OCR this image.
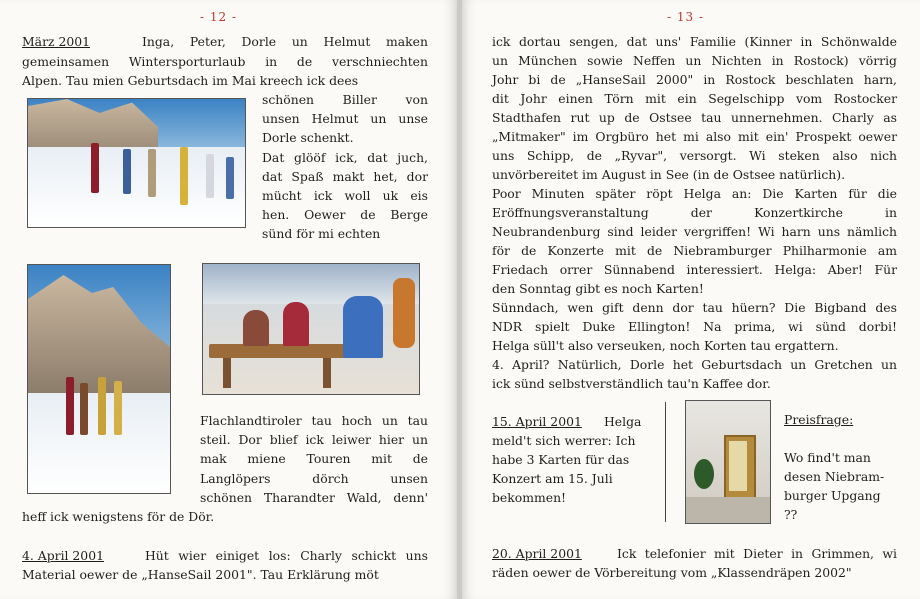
- 12 -
März 2001	Inga, Peter, Dorle un Helmut maken
gemeinsamen Wintersporturlaub in de verschniechten
Alpen. Tau mien Geburtsdach im Mai kreech ick dees
schönen Biller von
unsen Helmut un unse
Dorle schenkt.
Dat glööf ick, dat juch,
dat Spaß makt het, dor
mücht ick woll uk eis
hen. Oewer de Berge
sünd för mi echten
Flachlandtiroler tau hoch un tau
steil. Dor blief ick leiwer hier un
mak miene Touren mit de
Langlöpers dörch unsen
schönen Tharandter Wald, denn'
heff ick wenigstens för de Dör.
4. April 2001	Hüt wier einiget los: Charly schickt uns
Material oewer de „HanseSail 2001". Tau Erklärung möt
- 13 -
ick dortau sengen, dat uns' Familie (Kinner in Schönwalde
un München sowie Neffen un Nichten in Rostock) vörrig
Johr bi de „HanseSail 2000" in Rostock beschlaten harn,
dit Johr einen Törn mit ein Segelschipp vom Rostocker
Stadthafen rut up de Ostsee tau unnernehmen. Charly as
„Mitmaker" im Orgbüro het mi also mit ein' Prospekt oewer
uns Schipp, de „Ryvar", versorgt. Wi steken also nich
unvörbereitet im August in See (in de Ostsee natürlich).
Poor Minuten später röpt Helga an: Die Karten für die
Eröffnungsveranstaltung der Konzertkirche in
Neubrandenburg sind leider vergriffen! Wi harn uns nämlich
för de Konzerte mit de Niebramburger Philharmonie am
Friedach orrer Sünnabend interessiert. Helga: Aber! Für
den Sonntag gibt es noch Karten!
Sünndach, wen gift denn dor tau hüern? Die Bigband des
NDR spielt Duke Ellington! Na prima, wi sünd dorbi!
Helga süll't also verseuken, noch Korten tau ergattern.
4. April? Natürlich, Dorle het Geburtsdach un Gretchen un
ick sünd selbstverständlich tau'n Kaffee dor.
15. April 2001 Helga
meld't sich werrer: Ich
habe 3 Karten für das
Konzert am 15. Juli
bekommen!
Preisfrage:
Wo find't man
desen Niebram-
burger Upgang
??
20. April 2001	Ick telefonier mit Dieter in Grimmen, wi
räden oewer de Vörbereitung vom „Klassendräpen 2002"
